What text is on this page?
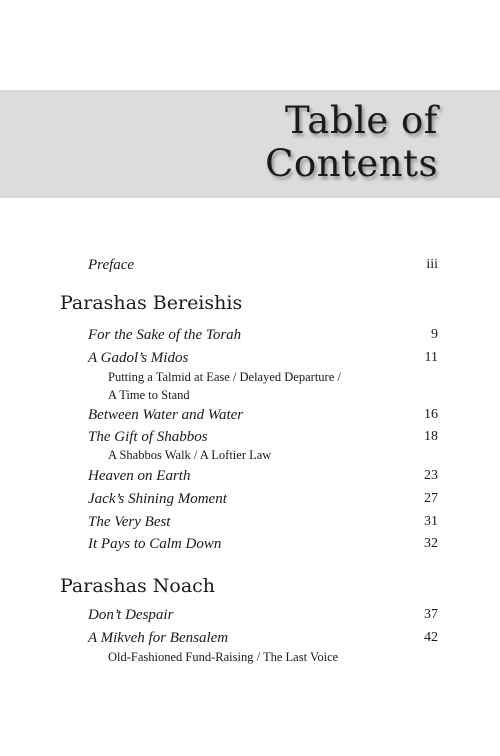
Table of
Contents
Preface	iii
Parashas Bereishis
For the Sake of the Torah	9
A Gadol’s Midos	11
Putting a Talmid at Ease / Delayed Departure /
A Time to Stand
Between Water and Water	16
The Gift of Shabbos	18
A Shabbos Walk / A Loftier Law
Heaven on Earth	23
Jack’s Shining Moment	27
The Very Best	31
It Pays to Calm Down	32
Parashas Noach
Don’t Despair	37
A Mikveh for Bensalem	42
Old-Fashioned Fund-Raising / The Last Voice
